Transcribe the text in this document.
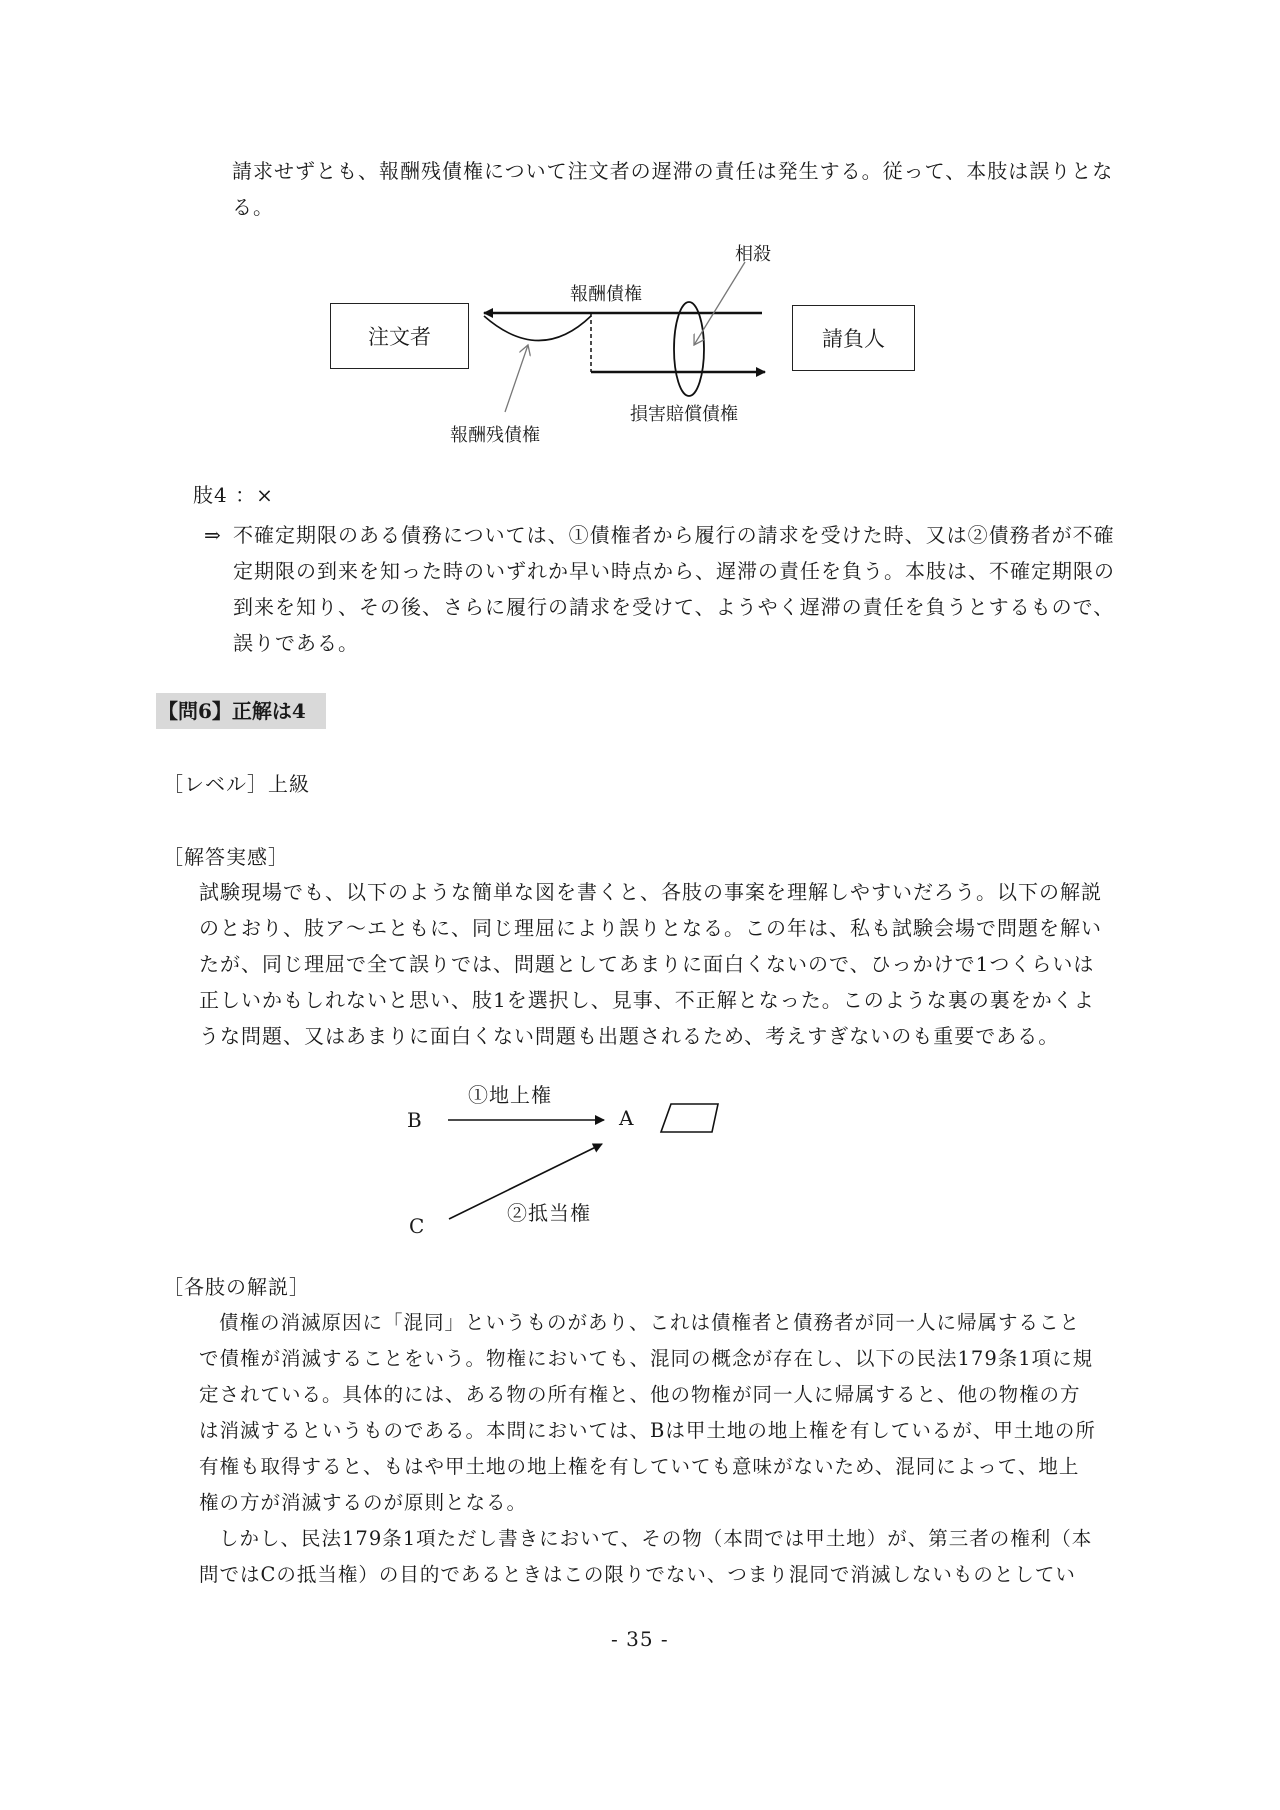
請求せずとも、報酬残債権について注文者の遅滞の責任は発生する。従って、本肢は誤りとな
る。
注文者	請負人
相殺
報酬債権
損害賠償債権
報酬残債権
肢4 ：×
⇒ 不確定期限のある債務については、①債権者から履行の請求を受けた時、又は②債務者が不確
定期限の到来を知った時のいずれか早い時点から、遅滞の責任を負う。本肢は、不確定期限の
到来を知り、その後、さらに履行の請求を受けて、ようやく遅滞の責任を負うとするもので、
誤りである。
【問6】正解は4
［レベル］上級
［解答実感］
試験現場でも、以下のような簡単な図を書くと、各肢の事案を理解しやすいだろう。以下の解説
のとおり、肢ア〜エともに、同じ理屈により誤りとなる。この年は、私も試験会場で問題を解い
たが、同じ理屈で全て誤りでは、問題としてあまりに面白くないので、ひっかけで1つくらいは
正しいかもしれないと思い、肢1を選択し、見事、不正解となった。このような裏の裏をかくよ
うな問題、又はあまりに面白くない問題も出題されるため、考えすぎないのも重要である。
B	A
C
①地上権
②抵当権
［各肢の解説］
債権の消滅原因に「混同」というものがあり、これは債権者と債務者が同一人に帰属すること
で債権が消滅することをいう。物権においても、混同の概念が存在し、以下の民法179条1項に規
定されている。具体的には、ある物の所有権と、他の物権が同一人に帰属すると、他の物権の方
は消滅するというものである。本問においては、Bは甲土地の地上権を有しているが、甲土地の所
有権も取得すると、もはや甲土地の地上権を有していても意味がないため、混同によって、地上
権の方が消滅するのが原則となる。
しかし、民法179条1項ただし書きにおいて、その物（本問では甲土地）が、第三者の権利（本
問ではCの抵当権）の目的であるときはこの限りでない、つまり混同で消滅しないものとしてい
- 35 -
